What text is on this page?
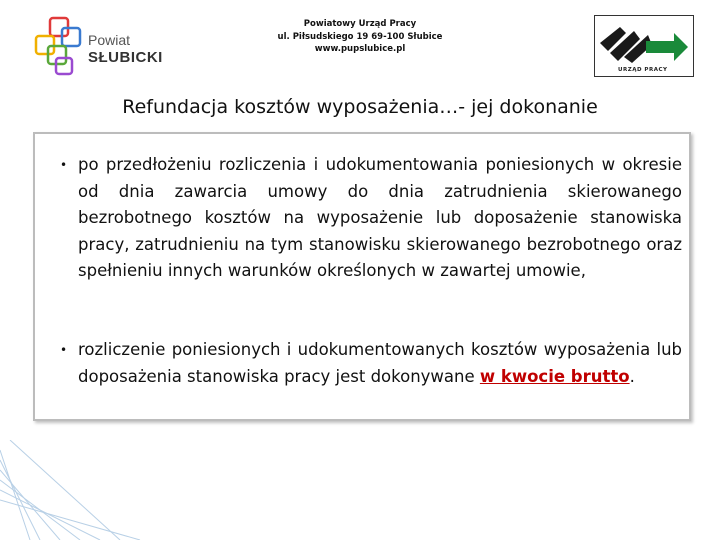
Powiat
SŁUBICKI
Powiatowy Urząd Pracy
ul. Piłsudskiego 19 69-100 Słubice
www.pupslubice.pl
URZĄD PRACY
Refundacja kosztów wyposażenia…- jej dokonanie
• po przedłożeniu rozliczenia i udokumentowania poniesionych w okresie od dnia zawarcia umowy do dnia zatrudnienia skierowanego bezrobotnego kosztów na wyposażenie lub doposażenie stanowiska pracy, zatrudnieniu na tym stanowisku skierowanego bezrobotnego oraz spełnieniu innych warunków określonych w zawartej umowie,
• rozliczenie poniesionych i udokumentowanych kosztów wyposażenia lub doposażenia stanowiska pracy jest dokonywane w kwocie brutto.
